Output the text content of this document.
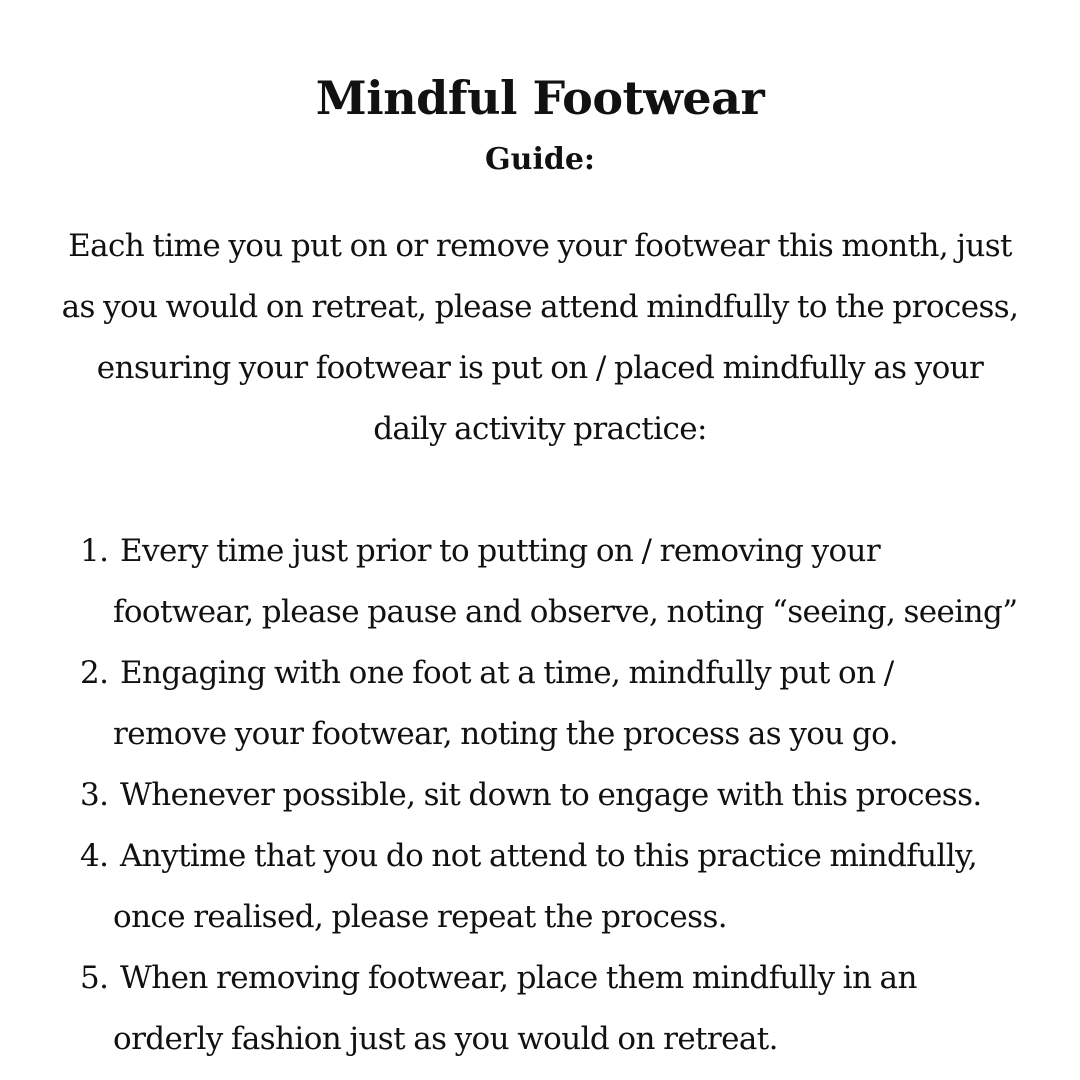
Mindful Footwear
Guide:
Each time you put on or remove your footwear this month, just
as you would on retreat, please attend mindfully to the process,
ensuring your footwear is put on / placed mindfully as your
daily activity practice:
1. Every time just prior to putting on / removing your
footwear, please pause and observe, noting “seeing, seeing”
2. Engaging with one foot at a time, mindfully put on /
remove your footwear, noting the process as you go.
3. Whenever possible, sit down to engage with this process.
4. Anytime that you do not attend to this practice mindfully,
once realised, please repeat the process.
5. When removing footwear, place them mindfully in an
orderly fashion just as you would on retreat.
